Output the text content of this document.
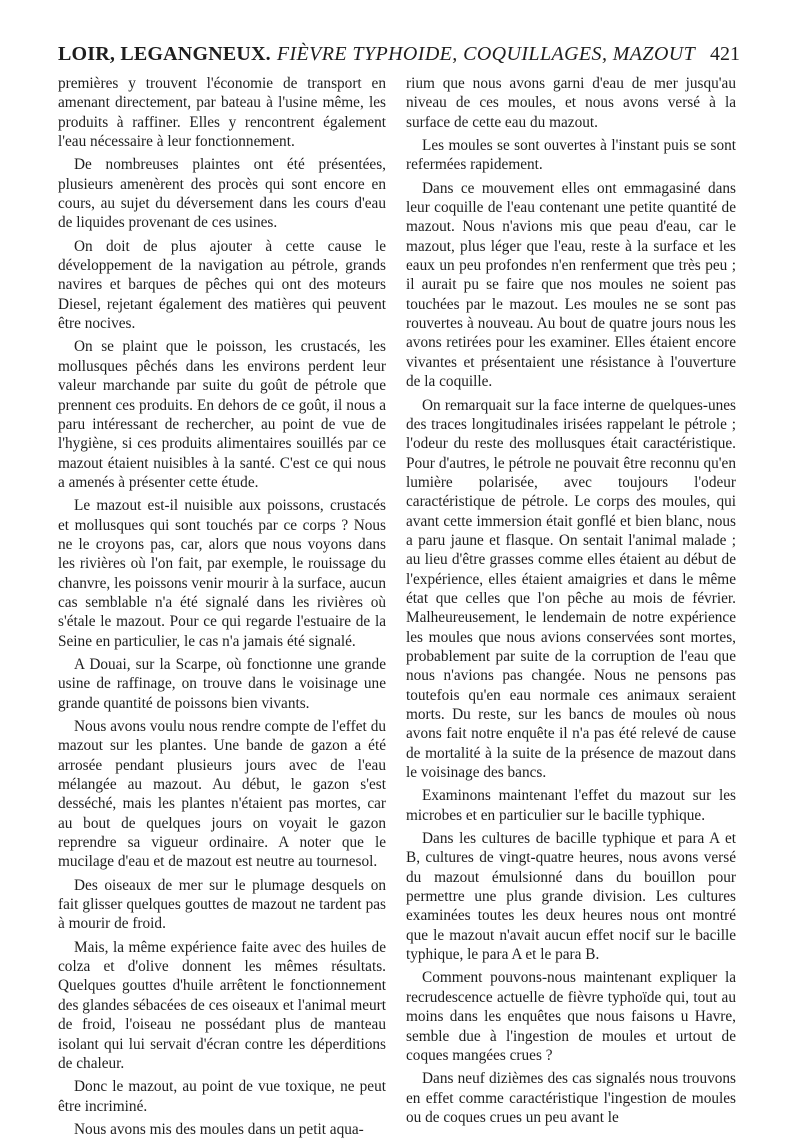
LOIR, LEGANGNEUX. FIÈVRE TYPHOIDE, COQUILLAGES, MAZOUT 421

premières y trouvent l'économie de transport en amenant directement, par bateau à l'usine même, les produits à raffiner. Elles y rencontrent également l'eau nécessaire à leur fonctionnement.

De nombreuses plaintes ont été présentées, plusieurs amenèrent des procès qui sont encore en cours, au sujet du déversement dans les cours d'eau de liquides provenant de ces usines.

On doit de plus ajouter à cette cause le développement de la navigation au pétrole, grands navires et barques de pêches qui ont des moteurs Diesel, rejetant également des matières qui peuvent être nocives.

On se plaint que le poisson, les crustacés, les mollusques pêchés dans les environs perdent leur valeur marchande par suite du goût de pétrole que prennent ces produits. En dehors de ce goût, il nous a paru intéressant de rechercher, au point de vue de l'hygiène, si ces produits alimentaires souillés par ce mazout étaient nuisibles à la santé. C'est ce qui nous a amenés à présenter cette étude.

Le mazout est-il nuisible aux poissons, crustacés et mollusques qui sont touchés par ce corps ? Nous ne le croyons pas, car, alors que nous voyons dans les rivières où l'on fait, par exemple, le rouissage du chanvre, les poissons venir mourir à la surface, aucun cas semblable n'a été signalé dans les rivières où s'étale le mazout. Pour ce qui regarde l'estuaire de la Seine en particulier, le cas n'a jamais été signalé.

A Douai, sur la Scarpe, où fonctionne une grande usine de raffinage, on trouve dans le voisinage une grande quantité de poissons bien vivants.

Nous avons voulu nous rendre compte de l'effet du mazout sur les plantes. Une bande de gazon a été arrosée pendant plusieurs jours avec de l'eau mélangée au mazout. Au début, le gazon s'est desséché, mais les plantes n'étaient pas mortes, car au bout de quelques jours on voyait le gazon reprendre sa vigueur ordinaire. A noter que le mucilage d'eau et de mazout est neutre au tournesol.

Des oiseaux de mer sur le plumage desquels on fait glisser quelques gouttes de mazout ne tardent pas à mourir de froid.

Mais, la même expérience faite avec des huiles de colza et d'olive donnent les mêmes résultats. Quelques gouttes d'huile arrêtent le fonctionnement des glandes sébacées de ces oiseaux et l'animal meurt de froid, l'oiseau ne possédant plus de manteau isolant qui lui servait d'écran contre les déperditions de chaleur.

Donc le mazout, au point de vue toxique, ne peut être incriminé.

Nous avons mis des moules dans un petit aqua-

rium que nous avons garni d'eau de mer jusqu'au niveau de ces moules, et nous avons versé à la surface de cette eau du mazout.

Les moules se sont ouvertes à l'instant puis se sont refermées rapidement.

Dans ce mouvement elles ont emmagasiné dans leur coquille de l'eau contenant une petite quantité de mazout. Nous n'avions mis que peau d'eau, car le mazout, plus léger que l'eau, reste à la surface et les eaux un peu profondes n'en renferment que très peu ; il aurait pu se faire que nos moules ne soient pas touchées par le mazout. Les moules ne se sont pas rouvertes à nouveau. Au bout de quatre jours nous les avons retirées pour les examiner. Elles étaient encore vivantes et présentaient une résistance à l'ouverture de la coquille.

On remarquait sur la face interne de quelques-unes des traces longitudinales irisées rappelant le pétrole ; l'odeur du reste des mollusques était caractéristique. Pour d'autres, le pétrole ne pouvait être reconnu qu'en lumière polarisée, avec toujours l'odeur caractéristique de pétrole. Le corps des moules, qui avant cette immersion était gonflé et bien blanc, nous a paru jaune et flasque. On sentait l'animal malade ; au lieu d'être grasses comme elles étaient au début de l'expérience, elles étaient amaigries et dans le même état que celles que l'on pêche au mois de février. Malheureusement, le lendemain de notre expérience les moules que nous avions conservées sont mortes, probablement par suite de la corruption de l'eau que nous n'avions pas changée. Nous ne pensons pas toutefois qu'en eau normale ces animaux seraient morts. Du reste, sur les bancs de moules où nous avons fait notre enquête il n'a pas été relevé de cause de mortalité à la suite de la présence de mazout dans le voisinage des bancs.

Examinons maintenant l'effet du mazout sur les microbes et en particulier sur le bacille typhique.

Dans les cultures de bacille typhique et para A et B, cultures de vingt-quatre heures, nous avons versé du mazout émulsionné dans du bouillon pour permettre une plus grande division. Les cultures examinées toutes les deux heures nous ont montré que le mazout n'avait aucun effet nocif sur le bacille typhique, le para A et le para B.

Comment pouvons-nous maintenant expliquer la recrudescence actuelle de fièvre typhoïde qui, tout au moins dans les enquêtes que nous faisons u Havre, semble due à l'ingestion de moules et urtout de coques mangées crues ?

Dans neuf dizièmes des cas signalés nous trouvons en effet comme caractéristique l'ingestion de moules ou de coques crues un peu avant le
